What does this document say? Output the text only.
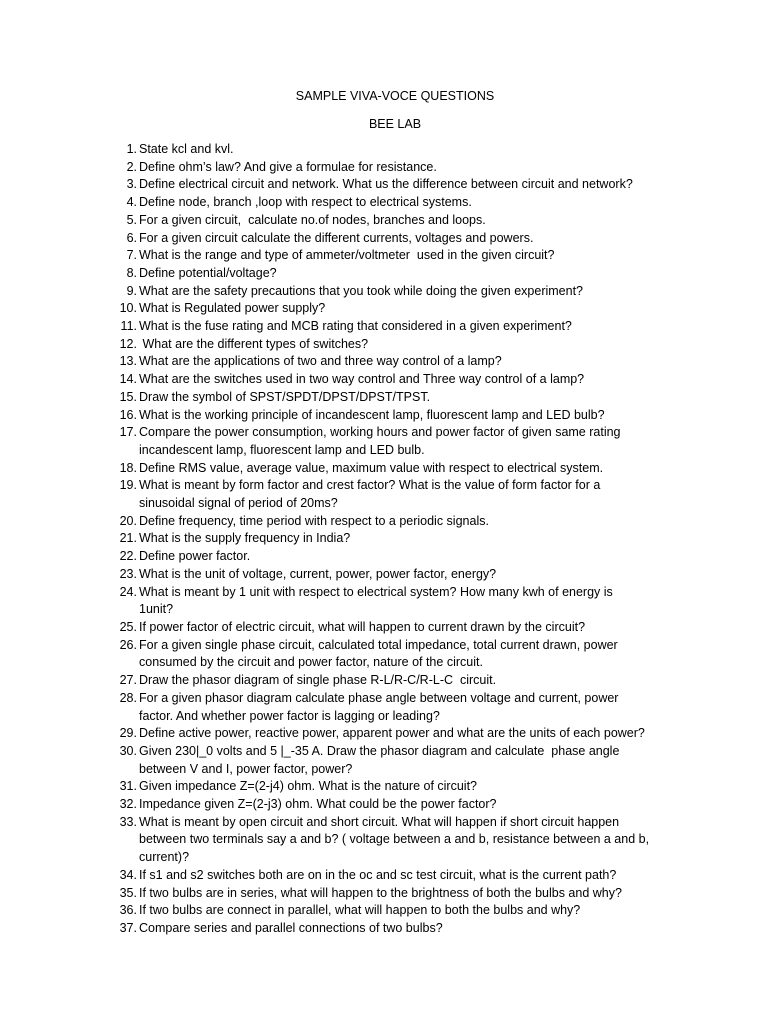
SAMPLE VIVA-VOCE QUESTIONS
BEE LAB
1. State kcl and kvl.
2. Define ohm’s law? And give a formulae for resistance.
3. Define electrical circuit and network. What us the difference between circuit and network?
4. Define node, branch ,loop with respect to electrical systems.
5. For a given circuit,  calculate no.of nodes, branches and loops.
6. For a given circuit calculate the different currents, voltages and powers.
7. What is the range and type of ammeter/voltmeter  used in the given circuit?
8. Define potential/voltage?
9. What are the safety precautions that you took while doing the given experiment?
10. What is Regulated power supply?
11. What is the fuse rating and MCB rating that considered in a given experiment?
12. What are the different types of switches?
13. What are the applications of two and three way control of a lamp?
14. What are the switches used in two way control and Three way control of a lamp?
15. Draw the symbol of SPST/SPDT/DPST/DPST/TPST.
16. What is the working principle of incandescent lamp, fluorescent lamp and LED bulb?
17. Compare the power consumption, working hours and power factor of given same rating
incandescent lamp, fluorescent lamp and LED bulb.
18. Define RMS value, average value, maximum value with respect to electrical system.
19. What is meant by form factor and crest factor? What is the value of form factor for a
sinusoidal signal of period of 20ms?
20. Define frequency, time period with respect to a periodic signals.
21. What is the supply frequency in India?
22. Define power factor.
23. What is the unit of voltage, current, power, power factor, energy?
24. What is meant by 1 unit with respect to electrical system? How many kwh of energy is
1unit?
25. If power factor of electric circuit, what will happen to current drawn by the circuit?
26. For a given single phase circuit, calculated total impedance, total current drawn, power
consumed by the circuit and power factor, nature of the circuit.
27. Draw the phasor diagram of single phase R-L/R-C/R-L-C  circuit.
28. For a given phasor diagram calculate phase angle between voltage and current, power
factor. And whether power factor is lagging or leading?
29. Define active power, reactive power, apparent power and what are the units of each power?
30. Given 230|_0 volts and 5 |_-35 A. Draw the phasor diagram and calculate  phase angle
between V and I, power factor, power?
31. Given impedance Z=(2-j4) ohm. What is the nature of circuit?
32. Impedance given Z=(2-j3) ohm. What could be the power factor?
33. What is meant by open circuit and short circuit. What will happen if short circuit happen
between two terminals say a and b? ( voltage between a and b, resistance between a and b,
current)?
34. If s1 and s2 switches both are on in the oc and sc test circuit, what is the current path?
35. If two bulbs are in series, what will happen to the brightness of both the bulbs and why?
36. If two bulbs are connect in parallel, what will happen to both the bulbs and why?
37. Compare series and parallel connections of two bulbs?
